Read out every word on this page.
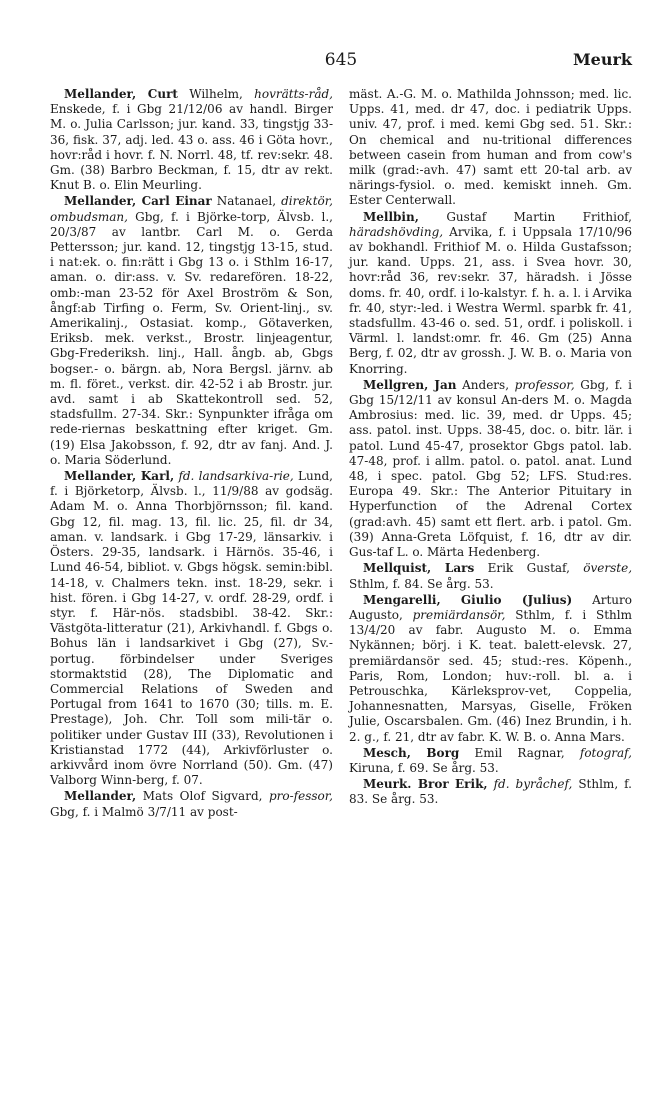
645	Meurk

Mellander, Curt Wilhelm, hovrätts-råd, Enskede, f. i Gbg 21/12/06 av handl. Birger M. o. Julia Carlsson; jur. kand. 33, tingstjg 33-36, fisk. 37, adj. led. 43 o. ass. 46 i Göta hovr., hovr:råd i hovr. f. N. Norrl. 48, tf. rev:sekr. 48. Gm. (38) Barbro Beckman, f. 15, dtr av rekt. Knut B. o. Elin Meurling.

Mellander, Carl Einar Natanael, direktör, ombudsman, Gbg, f. i Björke-torp, Älvsb. l., 20/3/87 av lantbr. Carl M. o. Gerda Pettersson; jur. kand. 12, tingstjg 13-15, stud. i nat:ek. o. fin:rätt i Gbg 13 o. i Sthlm 16-17, aman. o. dir:ass. v. Sv. redarefören. 18-22, omb:-man 23-52 för Axel Broström & Son, ångf:ab Tirfing o. Ferm, Sv. Orient-linj., sv. Amerikalinj., Ostasiat. komp., Götaverken, Eriksb. mek. verkst., Brostr. linjeagentur, Gbg-Frederiksh. linj., Hall. ångb. ab, Gbgs bogser.- o. bärgn. ab, Nora Bergsl. järnv. ab m. fl. föret., verkst. dir. 42-52 i ab Brostr. jur. avd. samt i ab Skattekontroll sed. 52, stadsfullm. 27-34. Skr.: Synpunkter ifråga om rede-riernas beskattning efter kriget. Gm. (19) Elsa Jakobsson, f. 92, dtr av fanj. And. J. o. Maria Söderlund.

Mellander, Karl, fd. landsarkiva-rie, Lund, f. i Björketorp, Älvsb. l., 11/9/88 av godsäg. Adam M. o. Anna Thorbjörnsson; fil. kand. Gbg 12, fil. mag. 13, fil. lic. 25, fil. dr 34, aman. v. landsark. i Gbg 17-29, länsarkiv. i Östers. 29-35, landsark. i Härnös. 35-46, i Lund 46-54, bibliot. v. Gbgs högsk. semin:bibl. 14-18, v. Chalmers tekn. inst. 18-29, sekr. i hist. fören. i Gbg 14-27, v. ordf. 28-29, ordf. i styr. f. Här-nös. stadsbibl. 38-42. Skr.: Västgöta-litteratur (21), Arkivhandl. f. Gbgs o. Bohus län i landsarkivet i Gbg (27), Sv.-portug. förbindelser under Sveriges stormaktstid (28), The Diplomatic and Commercial Relations of Sweden and Portugal from 1641 to 1670 (30; tills. m. E. Prestage), Joh. Chr. Toll som mili-tär o. politiker under Gustav III (33), Revolutionen i Kristianstad 1772 (44), Arkivförluster o. arkivvård inom övre Norrland (50). Gm. (47) Valborg Winn-berg, f. 07.

Mellander, Mats Olof Sigvard, pro-fessor, Gbg, f. i Malmö 3/7/11 av post-

mäst. A.-G. M. o. Mathilda Johnsson; med. lic. Upps. 41, med. dr 47, doc. i pediatrik Upps. univ. 47, prof. i med. kemi Gbg sed. 51. Skr.: On chemical and nu-tritional differences between casein from human and from cow's milk (grad:-avh. 47) samt ett 20-tal arb. av närings-fysiol. o. med. kemiskt inneh. Gm. Ester Centerwall.

Mellbin, Gustaf Martin Frithiof, häradshövding, Arvika, f. i Uppsala 17/10/96 av bokhandl. Frithiof M. o. Hilda Gustafsson; jur. kand. Upps. 21, ass. i Svea hovr. 30, hovr:råd 36, rev:sekr. 37, häradsh. i Jösse doms. fr. 40, ordf. i lo-kalstyr. f. h. a. l. i Arvika fr. 40, styr:-led. i Westra Werml. sparbk fr. 41, stadsfullm. 43-46 o. sed. 51, ordf. i poliskoll. i Värml. l. landst:omr. fr. 46. Gm (25) Anna Berg, f. 02, dtr av grossh. J. W. B. o. Maria von Knorring.

Mellgren, Jan Anders, professor, Gbg, f. i Gbg 15/12/11 av konsul An-ders M. o. Magda Ambrosius: med. lic. 39, med. dr Upps. 45; ass. patol. inst. Upps. 38-45, doc. o. bitr. lär. i patol. Lund 45-47, prosektor Gbgs patol. lab. 47-48, prof. i allm. patol. o. patol. anat. Lund 48, i spec. patol. Gbg 52; LFS. Stud:res. Europa 49. Skr.: The Anterior Pituitary in Hyperfunction of the Adrenal Cortex (grad:avh. 45) samt ett flert. arb. i patol. Gm. (39) Anna-Greta Löfquist, f. 16, dtr av dir. Gus-taf L. o. Märta Hedenberg.

Mellquist, Lars Erik Gustaf, överste, Sthlm, f. 84. Se årg. 53.

Mengarelli, Giulio (Julius) Arturo Augusto, premiärdansör, Sthlm, f. i Sthlm 13/4/20 av fabr. Augusto M. o. Emma Nykännen; börj. i K. teat. balett-elevsk. 27, premiärdansör sed. 45; stud:-res. Köpenh., Paris, Rom, London; huv:-roll. bl. a. i Petrouschka, Kärleksprov-vet, Coppelia, Johannesnatten, Marsyas, Giselle, Fröken Julie, Oscarsbalen. Gm. (46) Inez Brundin, i h. 2. g., f. 21, dtr av fabr. K. W. B. o. Anna Mars.

Mesch, Borg Emil Ragnar, fotograf, Kiruna, f. 69. Se årg. 53.

Meurk. Bror Erik, fd. byråchef, Sthlm, f. 83. Se årg. 53.
